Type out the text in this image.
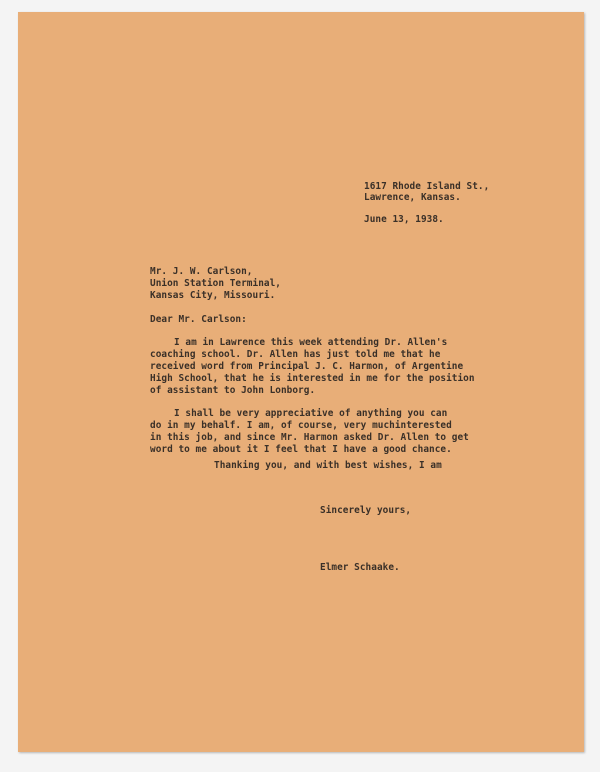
1617 Rhode Island St.,
Lawrence, Kansas.
June 13, 1938.
Mr. J. W. Carlson,
Union Station Terminal,
Kansas City, Missouri.
Dear Mr. Carlson:
I am in Lawrence this week attending Dr. Allen's
coaching school. Dr. Allen has just told me that he
received word from Principal J. C. Harmon, of Argentine
High School, that he is interested in me for the position
of assistant to John Lonborg.
I shall be very appreciative of anything you can
do in my behalf. I am, of course, very muchinterested
in this job, and since Mr. Harmon asked Dr. Allen to get
word to me about it I feel that I have a good chance.
Thanking you, and with best wishes, I am
Sincerely yours,
Elmer Schaake.
